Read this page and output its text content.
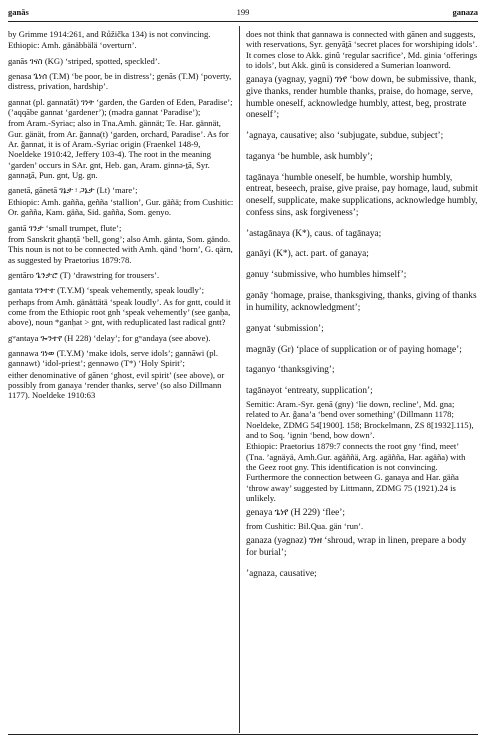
ganās	199	ganaza

by Grimme 1914:261, and Růžička 134) is not convincing.

Ethiopic: Amh. gänäbbälä ‘overturn’.

ganās ገናስ (KG) ‘striped, spotted, speckled’.

genasa ጌነሰ (T.M) ‘be poor, be in distress’; genās (T.M) ‘poverty, distress, privation, hardship’.

gannat (pl. gannatāt) ገነት ‘garden, the Garden of Eden, Paradise’; (ʼaqqābe gannat ‘gardener’); (mədra gannat ‘Paradise’);

from Aram.-Syriac; also in Tna.Amh. gännät; Te. Har. gännät, Gur. gänät, from Ar. ǧanna(t) ‘garden, orchard, Paradise’. As for Ar. ǧannat, it is of Aram.-Syriac origin (Fraenkel 148-9, Noeldeke 1910:42, Jeffery 103-4). The root in the meaning ‘garden’ occurs in SAr. gnt, Heb. gan, Aram. ginnə-ṯā, Syr. gannəṯā, Pun. gnt, Ug. gn.

ganetā, gānetā ገኔታ ፡ ጋኔታ (Lt) ‘mare’;

Ethiopic: Amh. gañña, geñña ‘stallion’, Gur. gäñä; from Cushitic: Or. gañña, Kam. gäña, Sid. gañña, Som. genyo.

gantā ገንታ ‘small trumpet, flute’;

from Sanskrit ghaṇṭā ‘bell, gong’; also Amh. gänta, Som. gändo. This noun is not to be connected with Amh. qänd ‘horn’, G. qärn, as suggested by Praetorius 1879:78.

gentāro ጌንታሮ (T) ‘drawstring for trousers’.

gantata ገንተተ (T.Y.M) ‘speak vehemently, speak loudly’;

perhaps from Amh. gänättätä ‘speak loudly’. As for gntt, could it come from the Ethiopic root gnh ‘speak vehemently’ (see ganḥa, above), noun *ganḥat > gnt, with reduplicated last radical gntt?

gʷantaya ጐንተየ (H 228) ‘delay’; for gʷandaya (see above).

gannawa ገነወ (T.Y.M) ‘make idols, serve idols’; gannāwi (pl. gannawt) ‘idol-priest’; gennəwo (T*) ‘Holy Spirit’;

either denominative of gānen ‘ghost, evil spirit’ (see above), or possibly from ganaya ‘render thanks, serve’ (so also Dillmann 1177). Noeldeke 1910:63

does not think that gannawa is connected with gānen and suggests, with reservations, Syr. genyāṯā ‘secret places for worshiping idols’. It comes close to Akk. ginû ‘regular sacrifice’, Md. ginia ‘offerings to idols’, but Akk. ginû is considered a Sumerian loanword.

ganaya (yəgnay, yəgni) ገነየ ‘bow down, be submissive, thank, give thanks, render humble thanks, praise, do homage, serve, humble oneself, acknowledge humbly, attest, beg, prostrate oneself’;

ʼagnaya, causative; also ‘subjugate, subdue, subject’;

taganya ‘be humble, ask humbly’;

tagānaya ‘humble oneself, be humble, worship humbly, entreat, beseech, praise, give praise, pay homage, laud, submit oneself, supplicate, make supplications, acknowledge humbly, confess sins, ask forgiveness’;

ʼastagānaya (K*), caus. of tagānaya;

ganāyi (K*), act. part. of ganaya;

gənuy ‘submissive, who humbles himself’;

gənāy ‘homage, praise, thanksgiving, thanks, giving of thanks in humility, acknowledgment’;

gənyat ‘submission’;

məgnāy (Gr) ‘place of supplication or of paying homage’;

taganyo ‘thanksgiving’;

tagānəyot ‘entreaty, supplication’;

Semitic: Aram.-Syr. genā (gny) ‘lie down, recline’, Md. gna; related to Ar. ǧanaʼa ‘bend over something’ (Dillmann 1178; Noeldeke, ZDMG 54[1900]. 158; Brockelmann, ZS 8[1932].115), and to Soq. ʼignin ‘bend, bow down’.

Ethiopic: Praetorius 1879:7 connects the root gny ‘find, meet’ (Tna. ʼagnäyä, Amh.Gur. agäññä, Arg. agäñña, Har. agäña) with the Geez root gny. This identification is not convincing. Furthermore the connection between G. ganaya and Har. gäña ‘throw away’ suggested by Littmann, ZDMG 75 (1921).24 is unlikely.

genaya ጌነየ (H 229) ‘flee’;

from Cushitic: Bil.Qua. gän ‘run’.

ganaza (yəgnəz) ገነዘ ‘shroud, wrap in linen, prepare a body for burial’;

ʼagnaza, causative;
